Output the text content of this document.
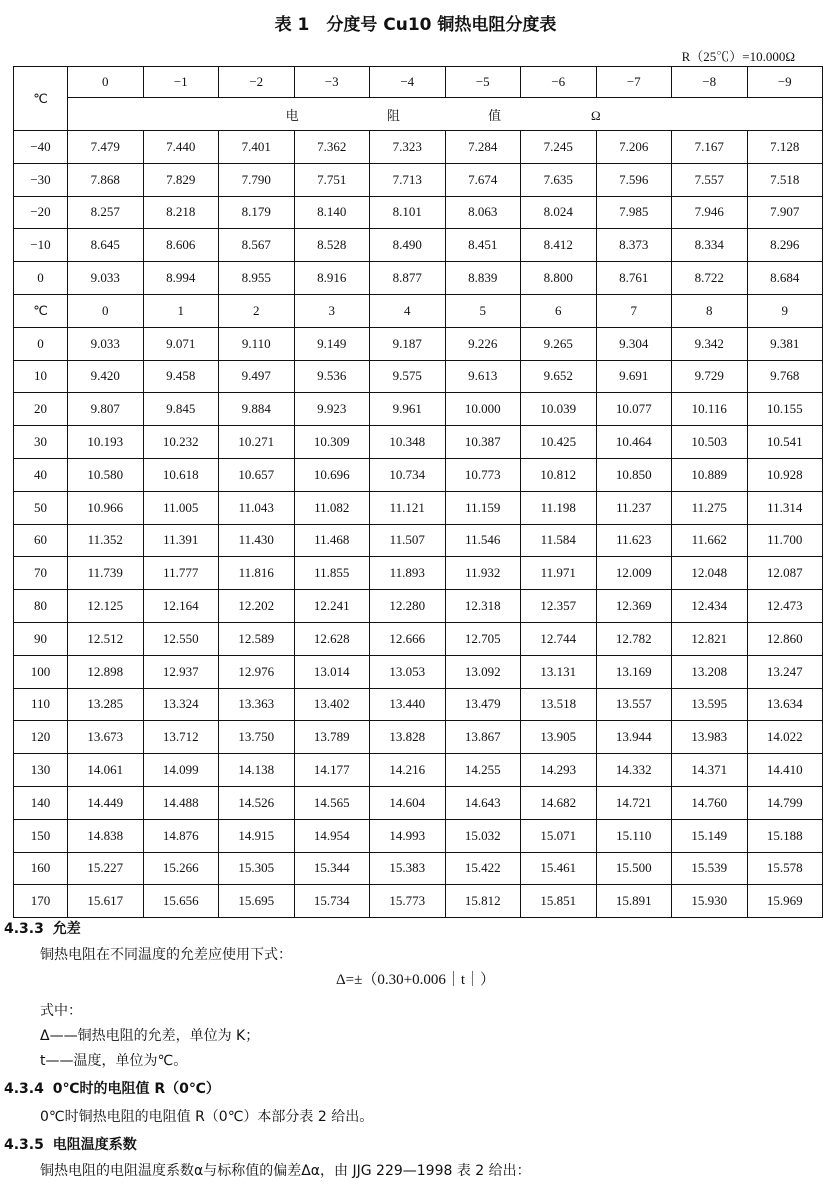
表 1　分度号 Cu10 铜热电阻分度表
R（25℃）=10.000Ω
℃	0	−1	−2	−3	−4	−5	−6	−7	−8	−9
	电 阻 值 Ω									
−40	7.479	7.440	7.401	7.362	7.323	7.284	7.245	7.206	7.167	7.128
−30	7.868	7.829	7.790	7.751	7.713	7.674	7.635	7.596	7.557	7.518
−20	8.257	8.218	8.179	8.140	8.101	8.063	8.024	7.985	7.946	7.907
−10	8.645	8.606	8.567	8.528	8.490	8.451	8.412	8.373	8.334	8.296
0	9.033	8.994	8.955	8.916	8.877	8.839	8.800	8.761	8.722	8.684
℃	0	1	2	3	4	5	6	7	8	9
0	9.033	9.071	9.110	9.149	9.187	9.226	9.265	9.304	9.342	9.381
10	9.420	9.458	9.497	9.536	9.575	9.613	9.652	9.691	9.729	9.768
20	9.807	9.845	9.884	9.923	9.961	10.000	10.039	10.077	10.116	10.155
30	10.193	10.232	10.271	10.309	10.348	10.387	10.425	10.464	10.503	10.541
40	10.580	10.618	10.657	10.696	10.734	10.773	10.812	10.850	10.889	10.928
50	10.966	11.005	11.043	11.082	11.121	11.159	11.198	11.237	11.275	11.314
60	11.352	11.391	11.430	11.468	11.507	11.546	11.584	11.623	11.662	11.700
70	11.739	11.777	11.816	11.855	11.893	11.932	11.971	12.009	12.048	12.087
80	12.125	12.164	12.202	12.241	12.280	12.318	12.357	12.369	12.434	12.473
90	12.512	12.550	12.589	12.628	12.666	12.705	12.744	12.782	12.821	12.860
100	12.898	12.937	12.976	13.014	13.053	13.092	13.131	13.169	13.208	13.247
110	13.285	13.324	13.363	13.402	13.440	13.479	13.518	13.557	13.595	13.634
120	13.673	13.712	13.750	13.789	13.828	13.867	13.905	13.944	13.983	14.022
130	14.061	14.099	14.138	14.177	14.216	14.255	14.293	14.332	14.371	14.410
140	14.449	14.488	14.526	14.565	14.604	14.643	14.682	14.721	14.760	14.799
150	14.838	14.876	14.915	14.954	14.993	15.032	15.071	15.110	15.149	15.188
160	15.227	15.266	15.305	15.344	15.383	15.422	15.461	15.500	15.539	15.578
170	15.617	15.656	15.695	15.734	15.773	15.812	15.851	15.891	15.930	15.969
4.3.3 允差
铜热电阻在不同温度的允差应使用下式：
Δ=±（0.30+0.006｜t｜）
式中：
Δ——铜热电阻的允差，单位为 K；
t——温度，单位为℃。
4.3.4 0℃时的电阻值 R（0℃）
0℃时铜热电阻的电阻值 R（0℃）本部分表 2 给出。
4.3.5 电阻温度系数
铜热电阻的电阻温度系数α与标称值的偏差Δα，由 JJG 229—1998 表 2 给出：
